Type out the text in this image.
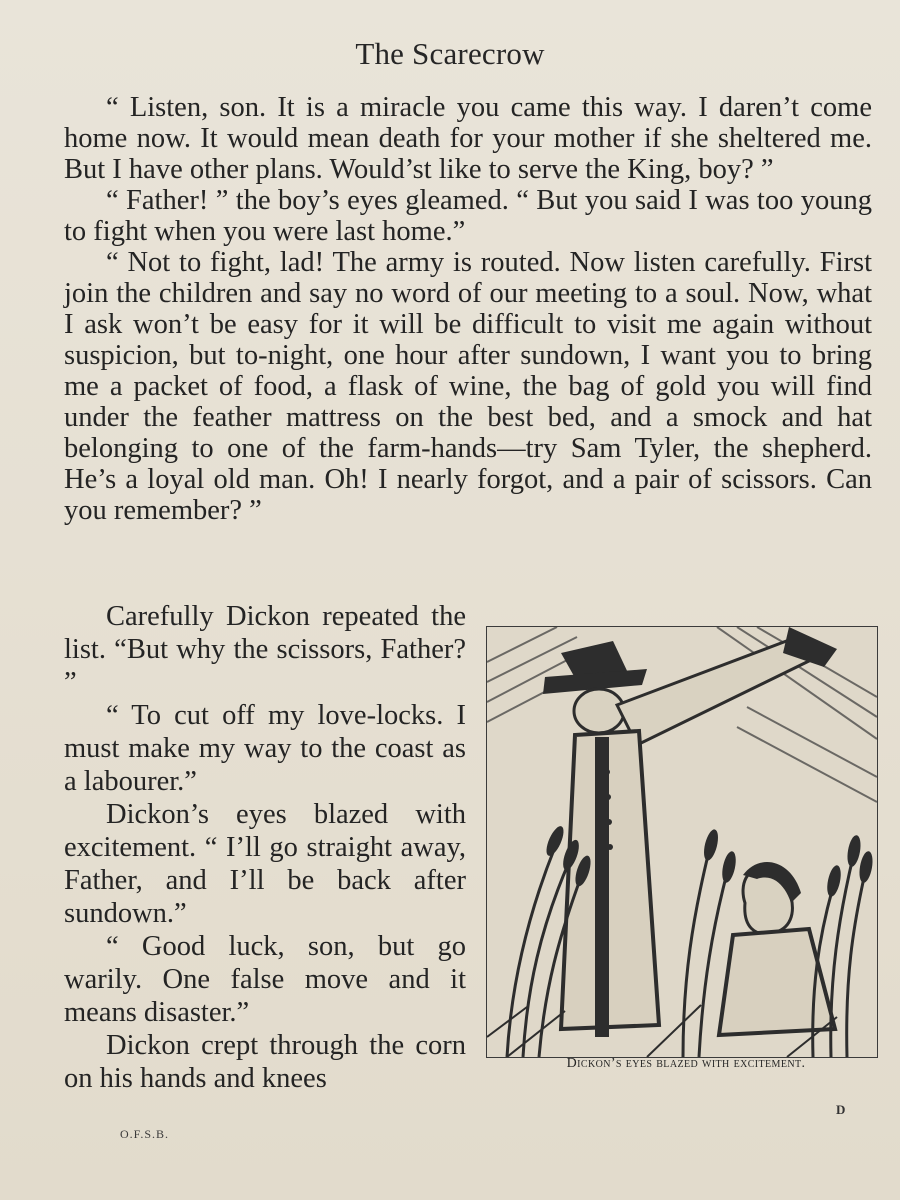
The Scarecrow

“ Listen, son. It is a miracle you came this way. I daren’t come home now. It would mean death for your mother if she sheltered me. But I have other plans. Would’st like to serve the King, boy? ”

“ Father! ” the boy’s eyes gleamed. “ But you said I was too young to fight when you were last home.”

“ Not to fight, lad! The army is routed. Now listen carefully. First join the children and say no word of our meeting to a soul. Now, what I ask won’t be easy for it will be difficult to visit me again without suspicion, but to-night, one hour after sundown, I want you to bring me a packet of food, a flask of wine, the bag of gold you will find under the feather mattress on the best bed, and a smock and hat belonging to one of the farm-hands—try Sam Tyler, the shepherd. He’s a loyal old man. Oh! I nearly forgot, and a pair of scissors. Can you remember? ”

Carefully Dickon repeated the list. “But why the scissors, Father? ”

“ To cut off my love-locks. I must make my way to the coast as a labourer.”

Dickon’s eyes blazed with excitement. “ I’ll go straight away, Father, and I’ll be back after sundown.”

“ Good luck, son, but go warily. One false move and it means disaster.”

Dickon crept through the corn on his hands and knees	Dickon’s eyes blazed with excitement.
O.F.S.B.
D
